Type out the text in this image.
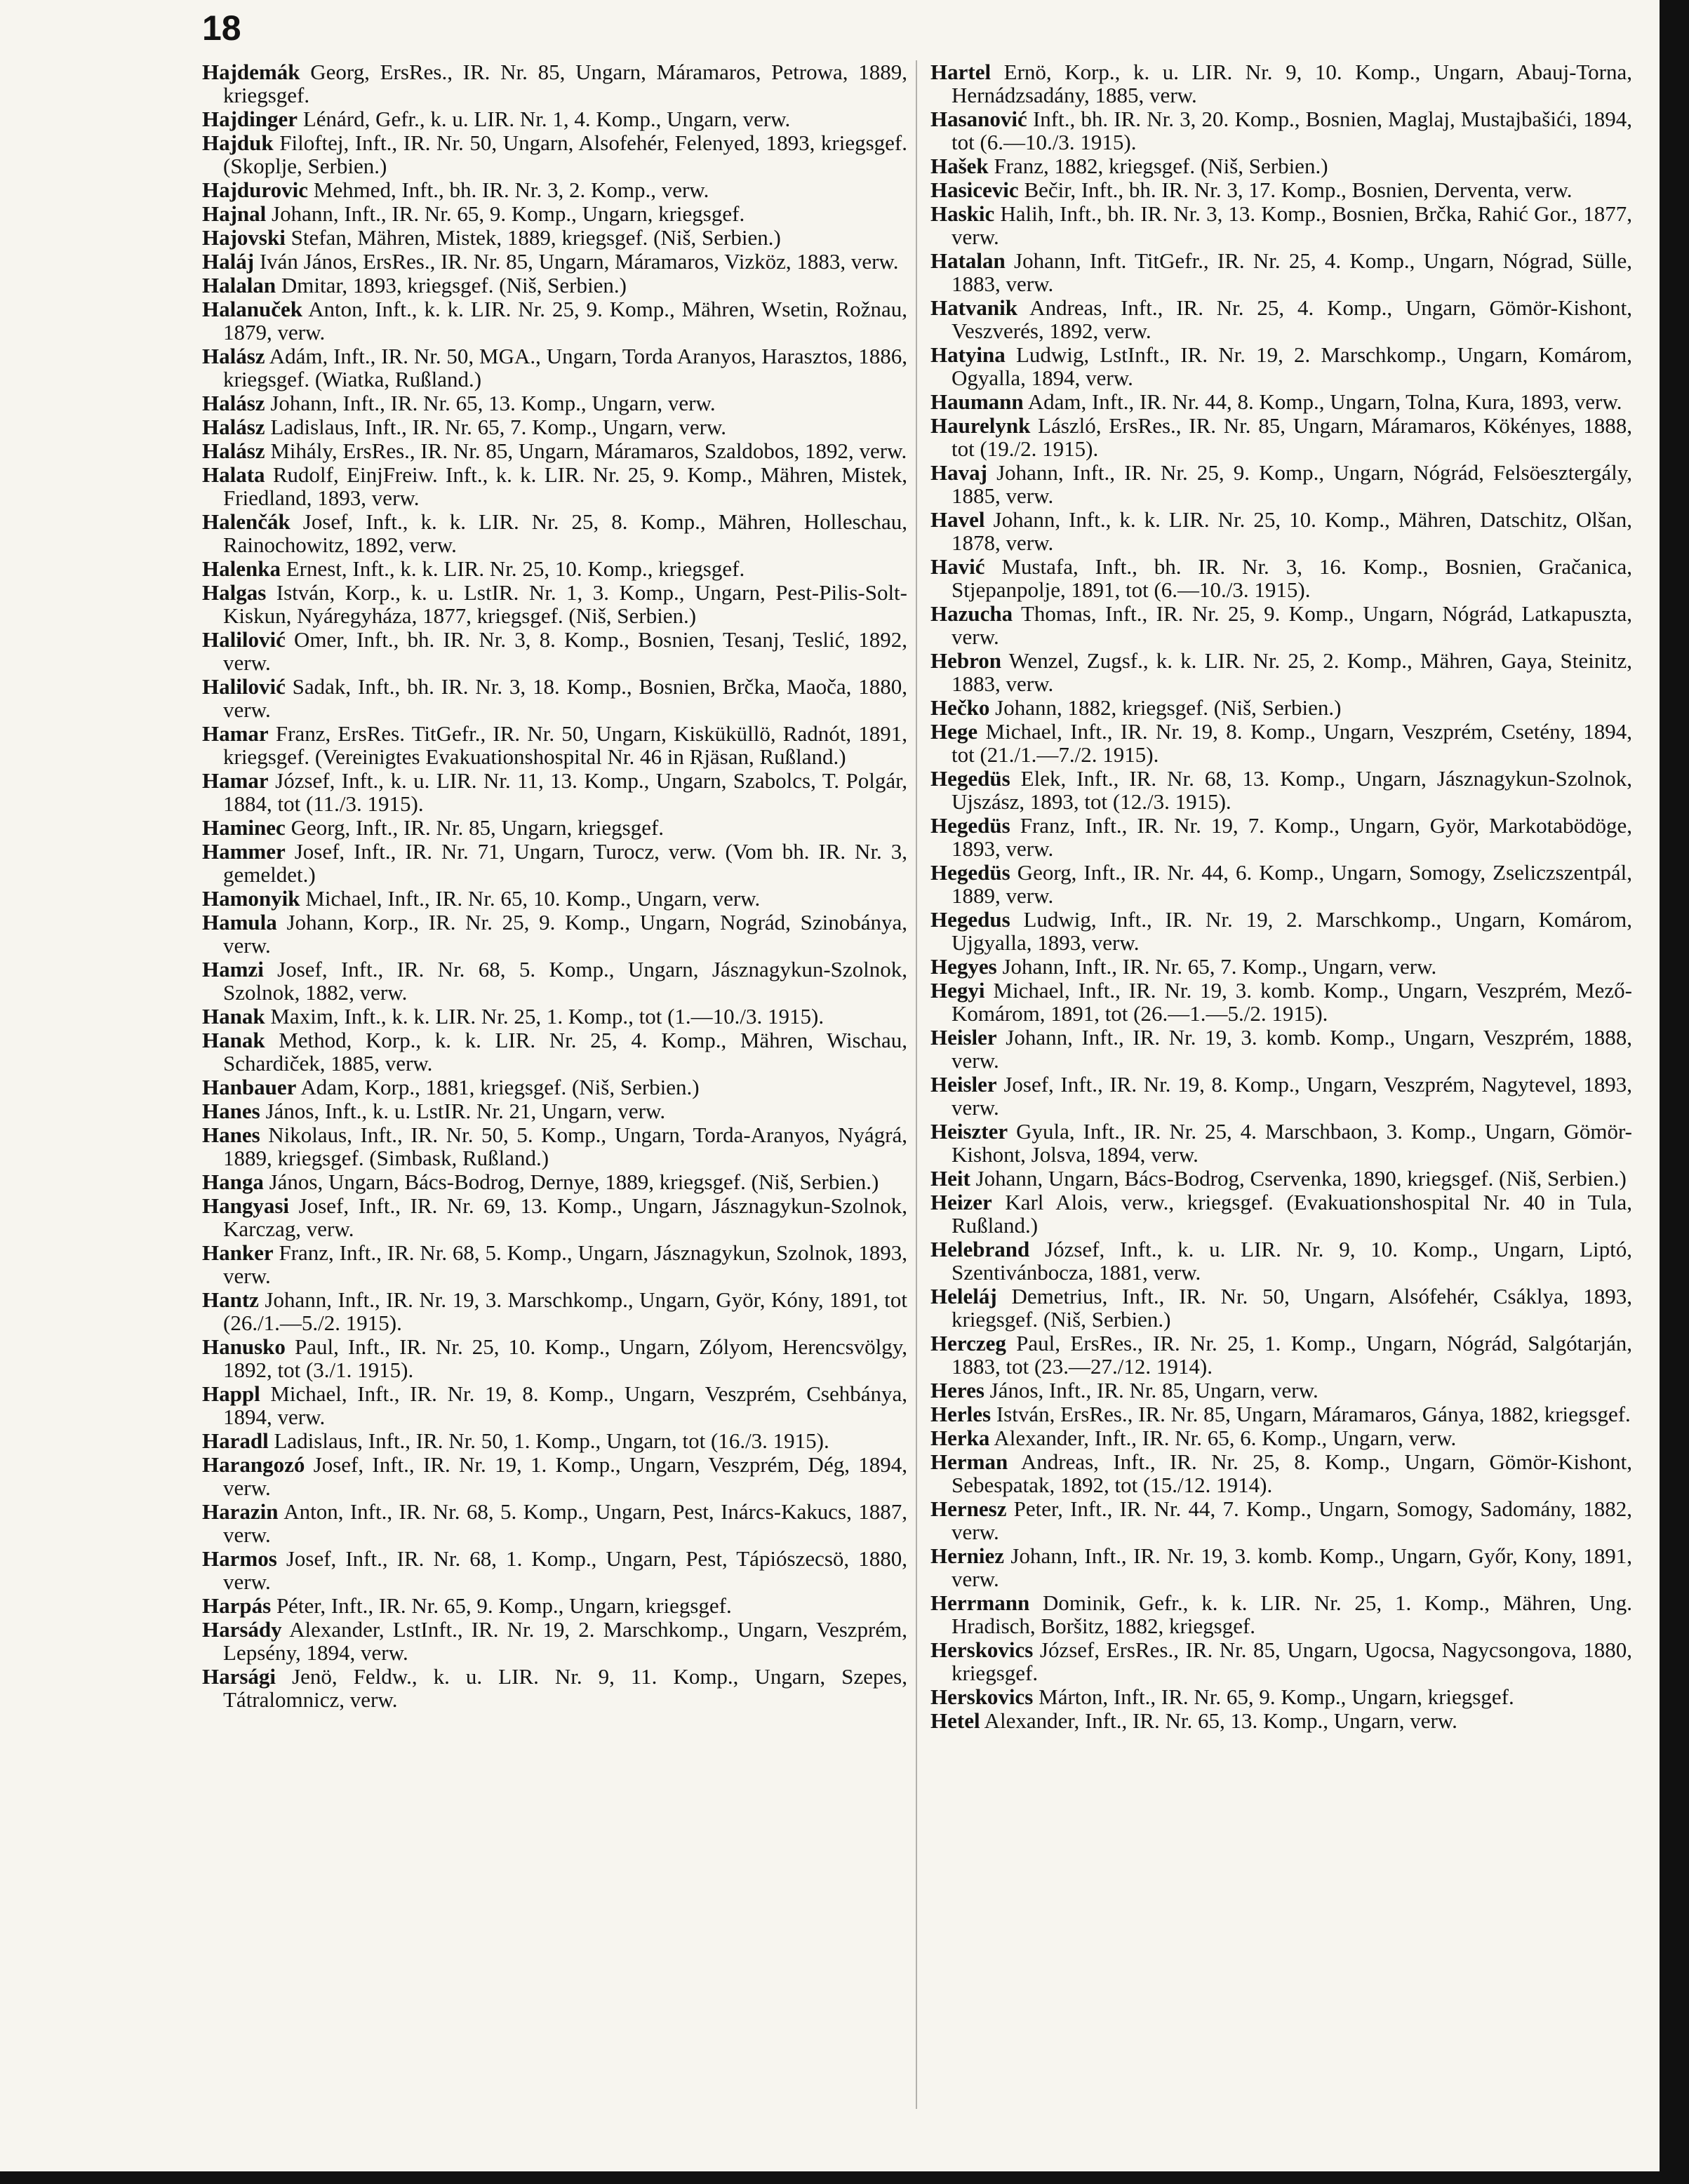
18

Hajdemák Georg, ErsRes., IR. Nr. 85, Ungarn, Máramaros, Petrowa, 1889, kriegsgef.

Hajdinger Lénárd, Gefr., k. u. LIR. Nr. 1, 4. Komp., Ungarn, verw.

Hajduk Filoftej, Inft., IR. Nr. 50, Ungarn, Alsofehér, Felenyed, 1893, kriegsgef. (Skoplje, Serbien.)

Hajdurovic Mehmed, Inft., bh. IR. Nr. 3, 2. Komp., verw.

Hajnal Johann, Inft., IR. Nr. 65, 9. Komp., Ungarn, kriegsgef.

Hajovski Stefan, Mähren, Mistek, 1889, kriegsgef. (Niš, Serbien.)

Haláj Iván János, ErsRes., IR. Nr. 85, Ungarn, Máramaros, Vizköz, 1883, verw.

Halalan Dmitar, 1893, kriegsgef. (Niš, Serbien.)

Halanuček Anton, Inft., k. k. LIR. Nr. 25, 9. Komp., Mähren, Wsetin, Rožnau, 1879, verw.

Halász Adám, Inft., IR. Nr. 50, MGA., Ungarn, Torda Aranyos, Harasztos, 1886, kriegsgef. (Wiatka, Rußland.)

Halász Johann, Inft., IR. Nr. 65, 13. Komp., Ungarn, verw.

Halász Ladislaus, Inft., IR. Nr. 65, 7. Komp., Ungarn, verw.

Halász Mihály, ErsRes., IR. Nr. 85, Ungarn, Máramaros, Szaldobos, 1892, verw.

Halata Rudolf, EinjFreiw. Inft., k. k. LIR. Nr. 25, 9. Komp., Mähren, Mistek, Friedland, 1893, verw.

Halenčák Josef, Inft., k. k. LIR. Nr. 25, 8. Komp., Mähren, Holleschau, Rainochowitz, 1892, verw.

Halenka Ernest, Inft., k. k. LIR. Nr. 25, 10. Komp., kriegsgef.

Halgas István, Korp., k. u. LstIR. Nr. 1, 3. Komp., Ungarn, Pest-Pilis-Solt-Kiskun, Nyáregyháza, 1877, kriegsgef. (Niš, Serbien.)

Halilović Omer, Inft., bh. IR. Nr. 3, 8. Komp., Bosnien, Tesanj, Teslić, 1892, verw.

Halilović Sadak, Inft., bh. IR. Nr. 3, 18. Komp., Bosnien, Brčka, Maoča, 1880, verw.

Hamar Franz, ErsRes. TitGefr., IR. Nr. 50, Ungarn, Kisküküllö, Radnót, 1891, kriegsgef. (Vereinigtes Evakuationshospital Nr. 46 in Rjäsan, Rußland.)

Hamar József, Inft., k. u. LIR. Nr. 11, 13. Komp., Ungarn, Szabolcs, T. Polgár, 1884, tot (11./3. 1915).

Haminec Georg, Inft., IR. Nr. 85, Ungarn, kriegsgef.

Hammer Josef, Inft., IR. Nr. 71, Ungarn, Turocz, verw. (Vom bh. IR. Nr. 3, gemeldet.)

Hamonyik Michael, Inft., IR. Nr. 65, 10. Komp., Ungarn, verw.

Hamula Johann, Korp., IR. Nr. 25, 9. Komp., Ungarn, Nográd, Szinobánya, verw.

Hamzi Josef, Inft., IR. Nr. 68, 5. Komp., Ungarn, Jásznagykun-Szolnok, Szolnok, 1882, verw.

Hanak Maxim, Inft., k. k. LIR. Nr. 25, 1. Komp., tot (1.—10./3. 1915).

Hanak Method, Korp., k. k. LIR. Nr. 25, 4. Komp., Mähren, Wischau, Schardiček, 1885, verw.

Hanbauer Adam, Korp., 1881, kriegsgef. (Niš, Serbien.)

Hanes János, Inft., k. u. LstIR. Nr. 21, Ungarn, verw.

Hanes Nikolaus, Inft., IR. Nr. 50, 5. Komp., Ungarn, Torda-Aranyos, Nyágrá, 1889, kriegsgef. (Simbask, Rußland.)

Hanga János, Ungarn, Bács-Bodrog, Dernye, 1889, kriegsgef. (Niš, Serbien.)

Hangyasi Josef, Inft., IR. Nr. 69, 13. Komp., Ungarn, Jásznagykun-Szolnok, Karczag, verw.

Hanker Franz, Inft., IR. Nr. 68, 5. Komp., Ungarn, Jásznagykun, Szolnok, 1893, verw.

Hantz Johann, Inft., IR. Nr. 19, 3. Marschkomp., Ungarn, Györ, Kóny, 1891, tot (26./1.—5./2. 1915).

Hanusko Paul, Inft., IR. Nr. 25, 10. Komp., Ungarn, Zólyom, Herencsvölgy, 1892, tot (3./1. 1915).

Happl Michael, Inft., IR. Nr. 19, 8. Komp., Ungarn, Veszprém, Csehbánya, 1894, verw.

Haradl Ladislaus, Inft., IR. Nr. 50, 1. Komp., Ungarn, tot (16./3. 1915).

Harangozó Josef, Inft., IR. Nr. 19, 1. Komp., Ungarn, Veszprém, Dég, 1894, verw.

Harazin Anton, Inft., IR. Nr. 68, 5. Komp., Ungarn, Pest, Inárcs-Kakucs, 1887, verw.

Harmos Josef, Inft., IR. Nr. 68, 1. Komp., Ungarn, Pest, Tápiószecsö, 1880, verw.

Harpás Péter, Inft., IR. Nr. 65, 9. Komp., Ungarn, kriegsgef.

Harsády Alexander, LstInft., IR. Nr. 19, 2. Marschkomp., Ungarn, Veszprém, Lepsény, 1894, verw.

Harsági Jenö, Feldw., k. u. LIR. Nr. 9, 11. Komp., Ungarn, Szepes, Tátralomnicz, verw.

Hartel Ernö, Korp., k. u. LIR. Nr. 9, 10. Komp., Ungarn, Abauj-Torna, Hernádzsadány, 1885, verw.

Hasanović Inft., bh. IR. Nr. 3, 20. Komp., Bosnien, Maglaj, Mustajbašići, 1894, tot (6.—10./3. 1915).

Hašek Franz, 1882, kriegsgef. (Niš, Serbien.)

Hasicevic Bečir, Inft., bh. IR. Nr. 3, 17. Komp., Bosnien, Derventa, verw.

Haskic Halih, Inft., bh. IR. Nr. 3, 13. Komp., Bosnien, Brčka, Rahić Gor., 1877, verw.

Hatalan Johann, Inft. TitGefr., IR. Nr. 25, 4. Komp., Ungarn, Nógrad, Sülle, 1883, verw.

Hatvanik Andreas, Inft., IR. Nr. 25, 4. Komp., Ungarn, Gömör-Kishont, Veszverés, 1892, verw.

Hatyina Ludwig, LstInft., IR. Nr. 19, 2. Marschkomp., Ungarn, Komárom, Ogyalla, 1894, verw.

Haumann Adam, Inft., IR. Nr. 44, 8. Komp., Ungarn, Tolna, Kura, 1893, verw.

Haurelynk László, ErsRes., IR. Nr. 85, Ungarn, Máramaros, Kökényes, 1888, tot (19./2. 1915).

Havaj Johann, Inft., IR. Nr. 25, 9. Komp., Ungarn, Nógrád, Felsöesztergály, 1885, verw.

Havel Johann, Inft., k. k. LIR. Nr. 25, 10. Komp., Mähren, Datschitz, Olšan, 1878, verw.

Havić Mustafa, Inft., bh. IR. Nr. 3, 16. Komp., Bosnien, Gračanica, Stjepanpolje, 1891, tot (6.—10./3. 1915).

Hazucha Thomas, Inft., IR. Nr. 25, 9. Komp., Ungarn, Nógrád, Latkapuszta, verw.

Hebron Wenzel, Zugsf., k. k. LIR. Nr. 25, 2. Komp., Mähren, Gaya, Steinitz, 1883, verw.

Hečko Johann, 1882, kriegsgef. (Niš, Serbien.)

Hege Michael, Inft., IR. Nr. 19, 8. Komp., Ungarn, Veszprém, Csetény, 1894, tot (21./1.—7./2. 1915).

Hegedüs Elek, Inft., IR. Nr. 68, 13. Komp., Ungarn, Jásznagykun-Szolnok, Ujszász, 1893, tot (12./3. 1915).

Hegedüs Franz, Inft., IR. Nr. 19, 7. Komp., Ungarn, Györ, Markotabödöge, 1893, verw.

Hegedüs Georg, Inft., IR. Nr. 44, 6. Komp., Ungarn, Somogy, Zseliczszentpál, 1889, verw.

Hegedus Ludwig, Inft., IR. Nr. 19, 2. Marschkomp., Ungarn, Komárom, Ujgyalla, 1893, verw.

Hegyes Johann, Inft., IR. Nr. 65, 7. Komp., Ungarn, verw.

Hegyi Michael, Inft., IR. Nr. 19, 3. komb. Komp., Ungarn, Veszprém, Mező-Komárom, 1891, tot (26.—1.—5./2. 1915).

Heisler Johann, Inft., IR. Nr. 19, 3. komb. Komp., Ungarn, Veszprém, 1888, verw.

Heisler Josef, Inft., IR. Nr. 19, 8. Komp., Ungarn, Veszprém, Nagytevel, 1893, verw.

Heiszter Gyula, Inft., IR. Nr. 25, 4. Marschbaon, 3. Komp., Ungarn, Gömör-Kishont, Jolsva, 1894, verw.

Heit Johann, Ungarn, Bács-Bodrog, Cservenka, 1890, kriegsgef. (Niš, Serbien.)

Heizer Karl Alois, verw., kriegsgef. (Evakuationshospital Nr. 40 in Tula, Rußland.)

Helebrand József, Inft., k. u. LIR. Nr. 9, 10. Komp., Ungarn, Liptó, Szentivánbocza, 1881, verw.

Heleláj Demetrius, Inft., IR. Nr. 50, Ungarn, Alsófehér, Csáklya, 1893, kriegsgef. (Niš, Serbien.)

Herczeg Paul, ErsRes., IR. Nr. 25, 1. Komp., Ungarn, Nógrád, Salgótarján, 1883, tot (23.—27./12. 1914).

Heres János, Inft., IR. Nr. 85, Ungarn, verw.

Herles István, ErsRes., IR. Nr. 85, Ungarn, Máramaros, Gánya, 1882, kriegsgef.

Herka Alexander, Inft., IR. Nr. 65, 6. Komp., Ungarn, verw.

Herman Andreas, Inft., IR. Nr. 25, 8. Komp., Ungarn, Gömör-Kishont, Sebespatak, 1892, tot (15./12. 1914).

Hernesz Peter, Inft., IR. Nr. 44, 7. Komp., Ungarn, Somogy, Sadomány, 1882, verw.

Herniez Johann, Inft., IR. Nr. 19, 3. komb. Komp., Ungarn, Győr, Kony, 1891, verw.

Herrmann Dominik, Gefr., k. k. LIR. Nr. 25, 1. Komp., Mähren, Ung. Hradisch, Boršitz, 1882, kriegsgef.

Herskovics József, ErsRes., IR. Nr. 85, Ungarn, Ugocsa, Nagycsongova, 1880, kriegsgef.

Herskovics Márton, Inft., IR. Nr. 65, 9. Komp., Ungarn, kriegsgef.

Hetel Alexander, Inft., IR. Nr. 65, 13. Komp., Ungarn, verw.
